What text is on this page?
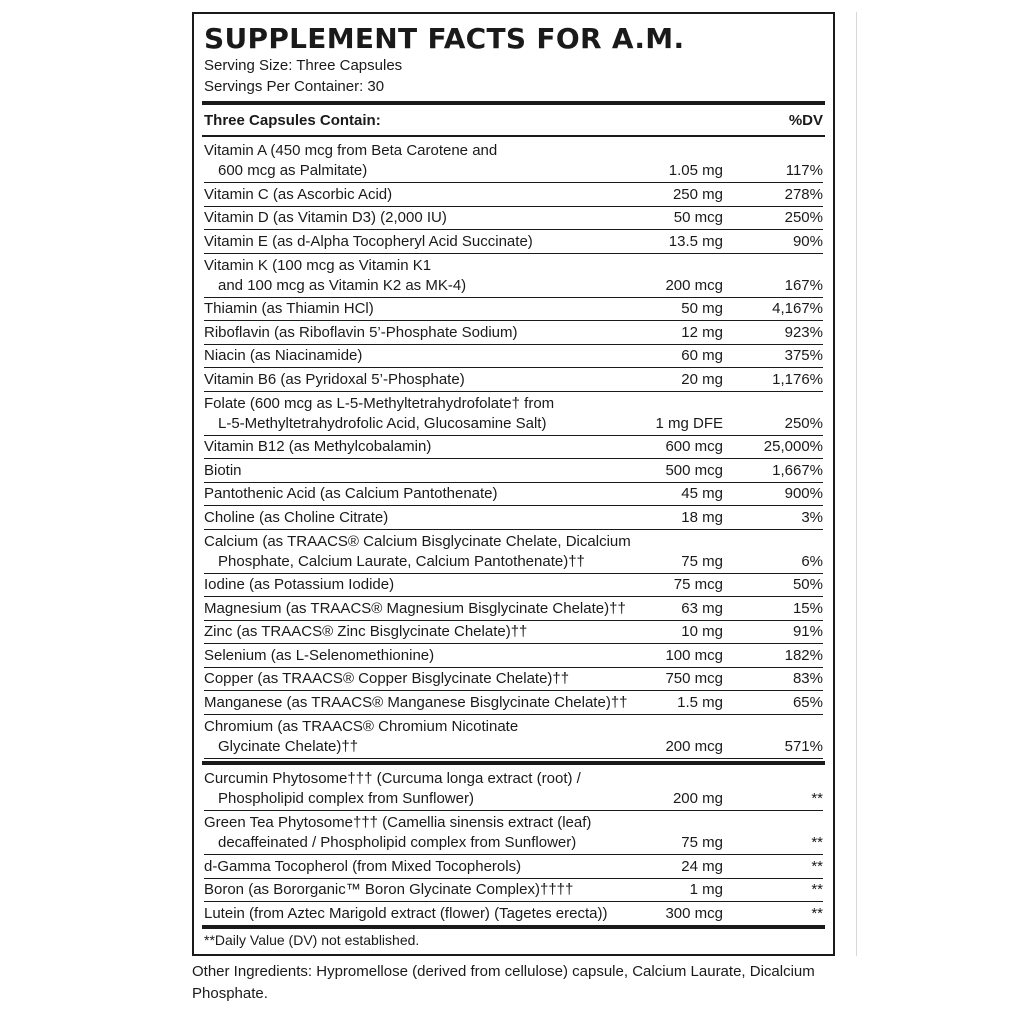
SUPPLEMENT FACTS FOR A.M.
Serving Size: Three Capsules
Servings Per Container: 30
Three Capsules Contain:	%DV
Vitamin A (450 mcg from Beta Carotene and
600 mcg as Palmitate)	1.05 mg	117%
Vitamin C (as Ascorbic Acid)	250 mg	278%
Vitamin D (as Vitamin D3) (2,000 IU)	50 mcg	250%
Vitamin E (as d-Alpha Tocopheryl Acid Succinate)	13.5 mg	90%
Vitamin K (100 mcg as Vitamin K1
and 100 mcg as Vitamin K2 as MK-4)	200 mcg	167%
Thiamin (as Thiamin HCl)	50 mg	4,167%
Riboflavin (as Riboflavin 5’-Phosphate Sodium)	12 mg	923%
Niacin (as Niacinamide)	60 mg	375%
Vitamin B6 (as Pyridoxal 5’-Phosphate)	20 mg	1,176%
Folate (600 mcg as L-5-Methyltetrahydrofolate† from
L-5-Methyltetrahydrofolic Acid, Glucosamine Salt)	1 mg DFE	250%
Vitamin B12 (as Methylcobalamin)	600 mcg	25,000%
Biotin	500 mcg	1,667%
Pantothenic Acid (as Calcium Pantothenate)	45 mg	900%
Choline (as Choline Citrate)	18 mg	3%
Calcium (as TRAACS® Calcium Bisglycinate Chelate, Dicalcium
Phosphate, Calcium Laurate, Calcium Pantothenate)††	75 mg	6%
Iodine (as Potassium Iodide)	75 mcg	50%
Magnesium (as TRAACS® Magnesium Bisglycinate Chelate)††	63 mg	15%
Zinc (as TRAACS® Zinc Bisglycinate Chelate)††	10 mg	91%
Selenium (as L-Selenomethionine)	100 mcg	182%
Copper (as TRAACS® Copper Bisglycinate Chelate)††	750 mcg	83%
Manganese (as TRAACS® Manganese Bisglycinate Chelate)††	1.5 mg	65%
Chromium (as TRAACS® Chromium Nicotinate
Glycinate Chelate)††	200 mcg	571%
Curcumin Phytosome††† (Curcuma longa extract (root) /
Phospholipid complex from Sunflower)	200 mg	**
Green Tea Phytosome††† (Camellia sinensis extract (leaf)
decaffeinated / Phospholipid complex from Sunflower)	75 mg	**
d-Gamma Tocopherol (from Mixed Tocopherols)	24 mg	**
Boron (as Bororganic™ Boron Glycinate Complex)††††	1 mg	**
Lutein (from Aztec Marigold extract (flower) (Tagetes erecta))	300 mcg	**
**Daily Value (DV) not established.
Other Ingredients: Hypromellose (derived from cellulose) capsule, Calcium Laurate, Dicalcium Phosphate.
